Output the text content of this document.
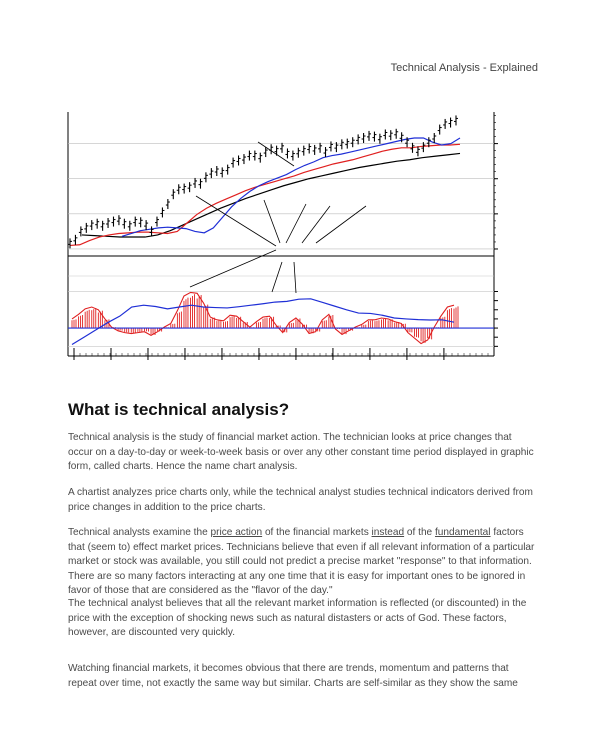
Technical Analysis - Explained
What is technical analysis?

Technical analysis is the study of financial market action. The technician looks at price changes that occur on a day-to-day or week-to-week basis or over any other constant time period displayed in graphic form, called charts. Hence the name chart analysis.

A chartist analyzes price charts only, while the technical analyst studies technical indicators derived from price changes in addition to the price charts.

Technical analysts examine the price action of the financial markets instead of the fundamental factors that (seem to) effect market prices. Technicians believe that even if all relevant information of a particular market or stock was available, you still could not predict a precise market "response" to that information. There are so many factors interacting at any one time that it is easy for important ones to be ignored in favor of those that are considered as the "flavor of the day."

The technical analyst believes that all the relevant market information is reflected (or discounted) in the price with the exception of shocking news such as natural distasters or acts of God. These factors, however, are discounted very quickly.

Watching financial markets, it becomes obvious that there are trends, momentum and patterns that repeat over time, not exactly the same way but similar. Charts are self-similar as they show the same
